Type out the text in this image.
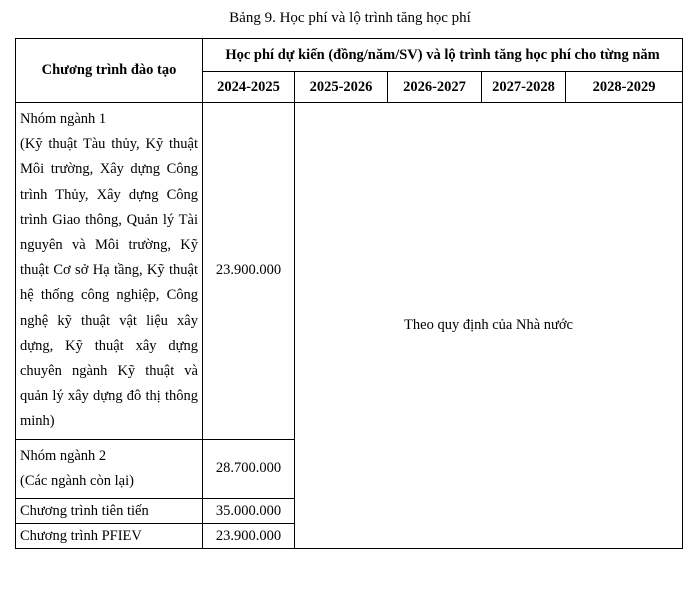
Bảng 9. Học phí và lộ trình tăng học phí
Chương trình đào tạo	Học phí dự kiến (đồng/năm/SV) và lộ trình tăng học phí cho từng năm				
	2024-2025	2025-2026	2026-2027	2027-2028	2028-2029

Nhóm ngành 1
(Kỹ thuật Tàu thủy, Kỹ thuật Môi trường, Xây dựng Công trình Thủy, Xây dựng Công trình Giao thông, Quản lý Tài nguyên và Môi trường, Kỹ thuật Cơ sở Hạ tầng, Kỹ thuật hệ thống công nghiệp, Công nghệ kỹ thuật vật liệu xây dựng, Kỹ thuật xây dựng chuyên ngành Kỹ thuật và quản lý xây dựng đô thị thông minh)	23.900.000	Theo quy định của Nhà nước			

Nhóm ngành 2
(Các ngành còn lại)	28.700.000				

Chương trình tiên tiến	35.000.000				

Chương trình PFIEV	23.900.000				
